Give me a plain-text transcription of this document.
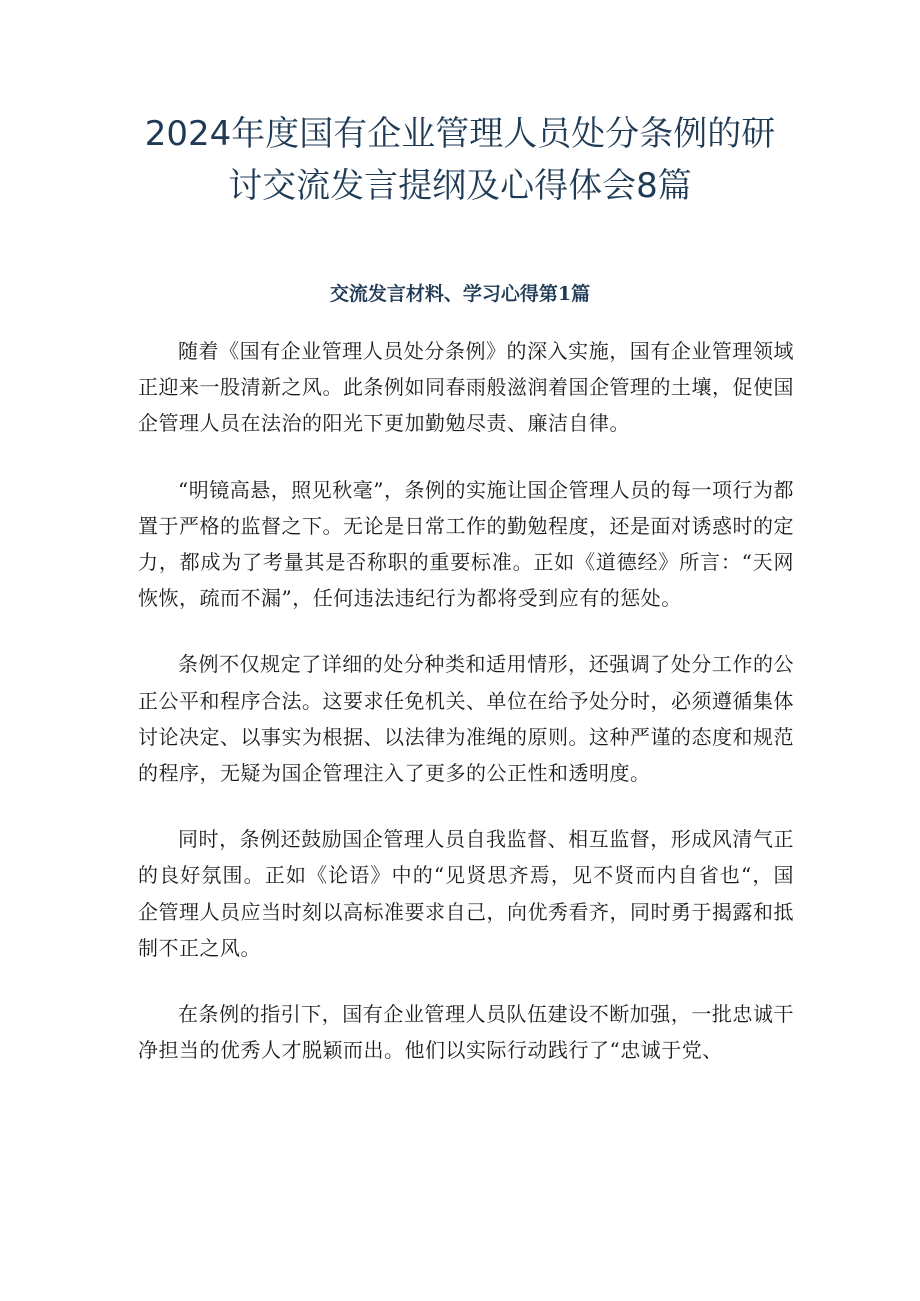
2024年度国有企业管理人员处分条例的研
讨交流发言提纲及心得体会8篇
交流发言材料、学习心得第1篇

随着《国有企业管理人员处分条例》的深入实施，国有企业管理领域正迎来一股清新之风。此条例如同春雨般滋润着国企管理的土壤，促使国企管理人员在法治的阳光下更加勤勉尽责、廉洁自律。

“明镜高悬，照见秋毫”，条例的实施让国企管理人员的每一项行为都置于严格的监督之下。无论是日常工作的勤勉程度，还是面对诱惑时的定力，都成为了考量其是否称职的重要标准。正如《道德经》所言：“天网恢恢，疏而不漏”，任何违法违纪行为都将受到应有的惩处。

条例不仅规定了详细的处分种类和适用情形，还强调了处分工作的公正公平和程序合法。这要求任免机关、单位在给予处分时，必须遵循集体讨论决定、以事实为根据、以法律为准绳的原则。这种严谨的态度和规范的程序，无疑为国企管理注入了更多的公正性和透明度。

同时，条例还鼓励国企管理人员自我监督、相互监督，形成风清气正的良好氛围。正如《论语》中的“见贤思齐焉，见不贤而内自省也“，国企管理人员应当时刻以高标准要求自己，向优秀看齐，同时勇于揭露和抵制不正之风。

在条例的指引下，国有企业管理人员队伍建设不断加强，一批忠诚干净担当的优秀人才脱颖而出。他们以实际行动践行了“忠诚于党、
